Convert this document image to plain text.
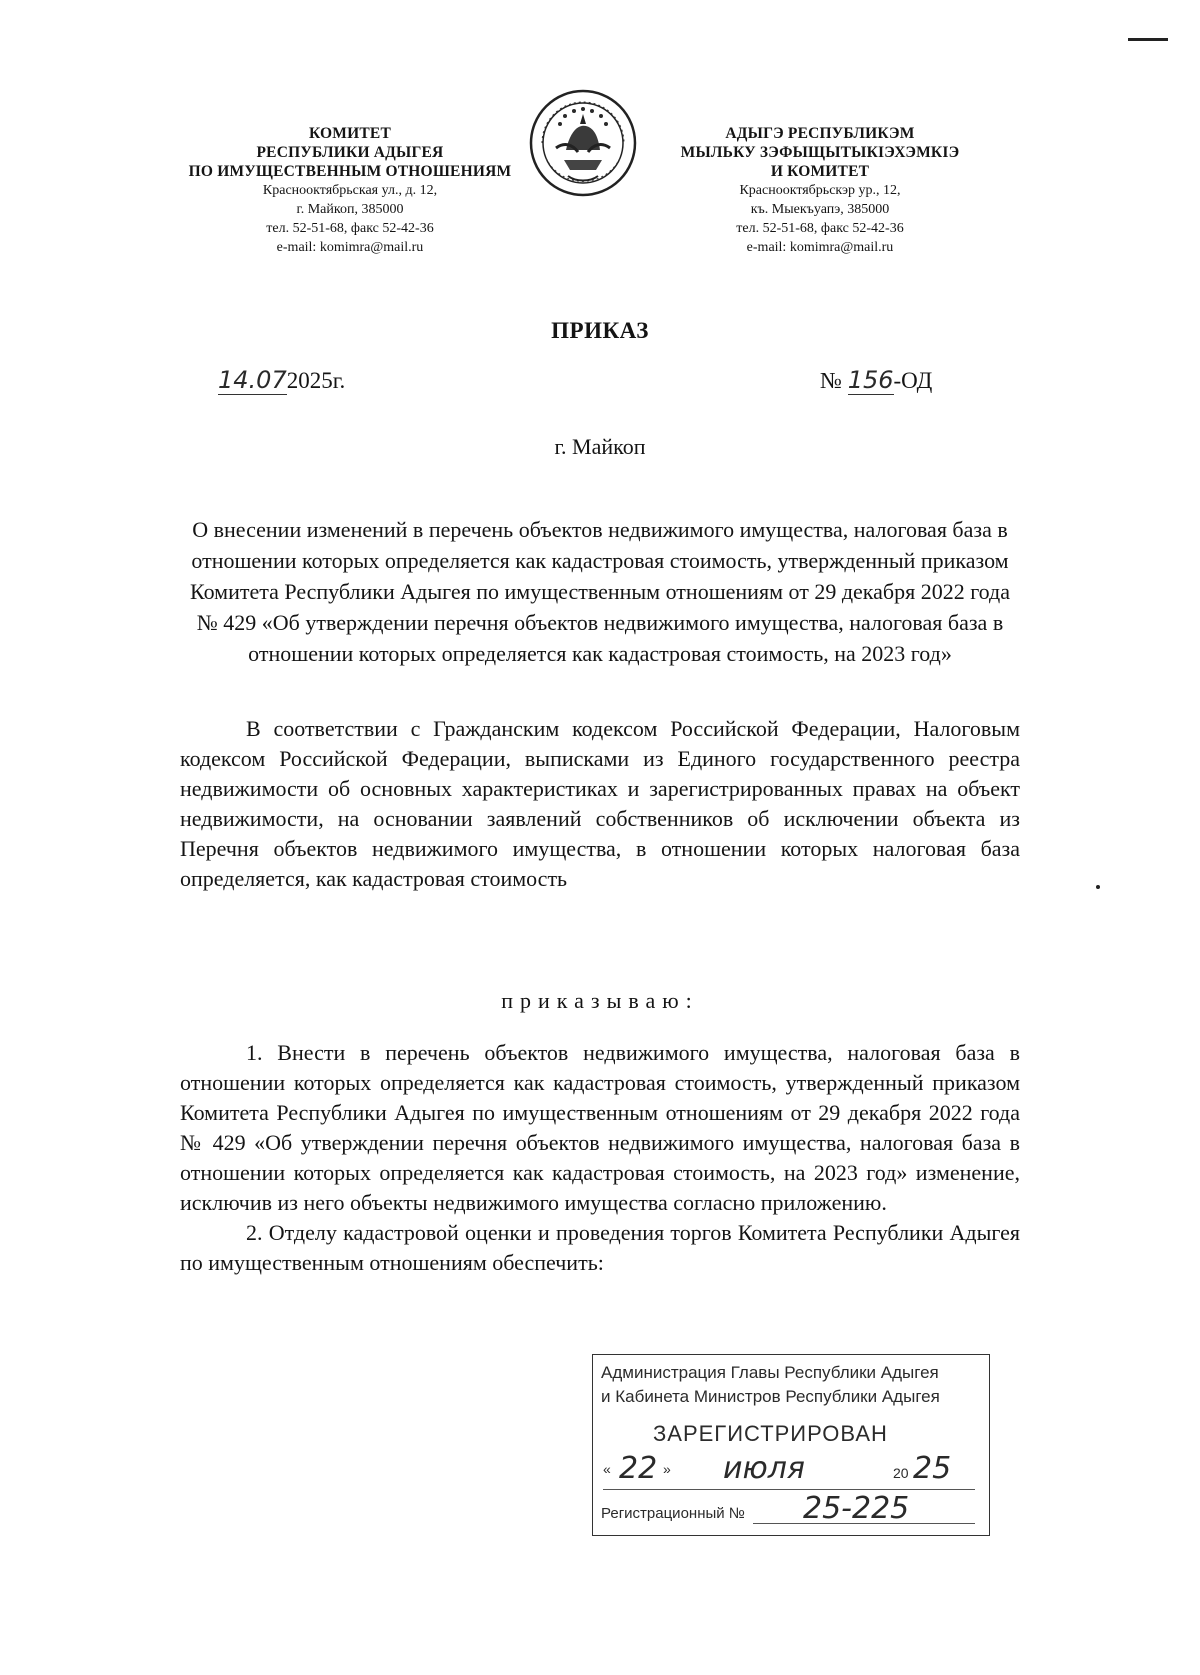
КОМИТЕТ
РЕСПУБЛИКИ АДЫГЕЯ
ПО ИМУЩЕСТВЕННЫМ ОТНОШЕНИЯМ
Краснооктябрьская ул., д. 12,
г. Майкоп, 385000
тел. 52-51-68, факс 52-42-36
e-mail: komimra@mail.ru
АДЫГЭ РЕСПУБЛИКЭМ
МЫЛЬКУ ЗЭФЫЩЫТЫКIЭХЭМКIЭ
И КОМИТЕТ
Краснооктябрьскэр ур., 12,
къ. Мыекъуапэ, 385000
тел. 52-51-68, факс 52-42-36
e-mail: komimra@mail.ru
ПРИКАЗ
14.072025г.	№ 156-ОД
г. Майкоп
О внесении изменений в перечень объектов недвижимого имущества, налоговая база в отношении которых определяется как кадастровая стоимость, утвержденный приказом Комитета Республики Адыгея по имущественным отношениям от 29 декабря 2022 года № 429 «Об утверждении перечня объектов недвижимого имущества, налоговая база в отношении которых определяется как кадастровая стоимость, на 2023 год»
В соответствии с Гражданским кодексом Российской Федерации, Налоговым кодексом Российской Федерации, выписками из Единого государственного реестра недвижимости об основных характеристиках и зарегистрированных правах на объект недвижимости, на основании заявлений собственников об исключении объекта из Перечня объектов недвижимого имущества, в отношении которых налоговая база определяется, как кадастровая стоимость
приказываю:
1. Внести в перечень объектов недвижимого имущества, налоговая база в отношении которых определяется как кадастровая стоимость, утвержденный приказом Комитета Республики Адыгея по имущественным отношениям от 29 декабря 2022 года № 429 «Об утверждении перечня объектов недвижимого имущества, налоговая база в отношении которых определяется как кадастровая стоимость, на 2023 год» изменение, исключив из него объекты недвижимого имущества согласно приложению.
2. Отделу кадастровой оценки и проведения торгов Комитета Республики Адыгея по имущественным отношениям обеспечить:
Администрация Главы Республики Адыгея
и Кабинета Министров Республики Адыгея
ЗАРЕГИСТРИРОВАН
« 22 » июля	20 25
Регистрационный № 25-225
